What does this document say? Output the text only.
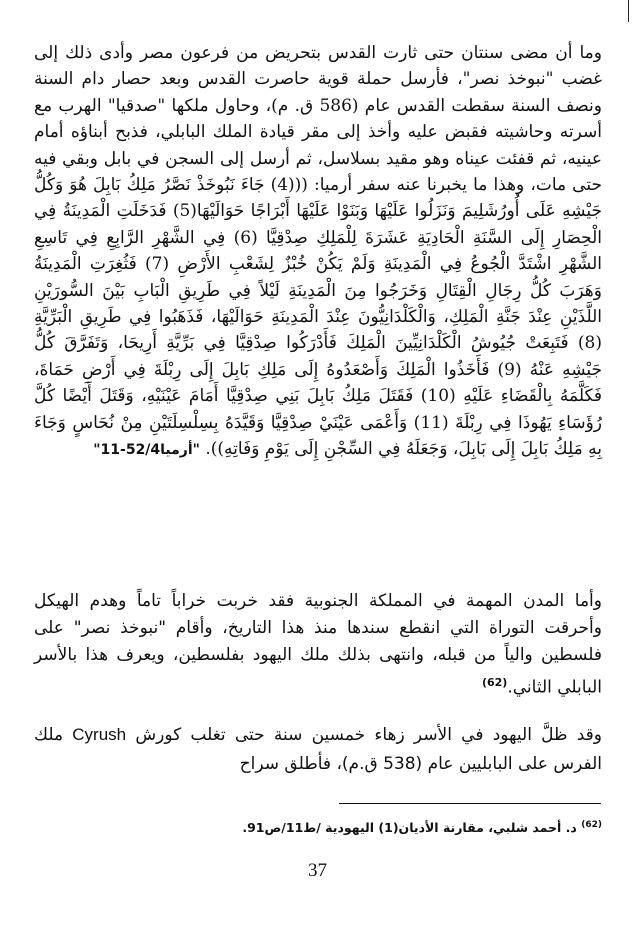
وما أن مضى سنتان حتى ثارت القدس بتحريض من فرعون مصر وأدى ذلك إلى غضب "نبوخذ نصر"، فأرسل حملة قوية حاصرت القدس وبعد حصار دام السنة ونصف السنة سقطت القدس عام (586 ق. م)، وحاول ملكها "صدقيا" الهرب مع أسرته وحاشيته فقبض عليه وأخذ إلى مقر قيادة الملك البابلي، فذبح أبناؤه أمام عينيه، ثم قفئت عيناه وهو مقيد بسلاسل، ثم أرسل إلى السجن في بابل وبقي فيه حتى مات، وهذا ما يخبرنا عنه سفر أرميا: (((4) جَاءَ نَبُوخَذْ نَصَّرُ مَلِكُ بَابِلَ هُوَ وَكُلُّ جَيْشِهِ عَلَى أُورُشَلِيمَ وَنَزَلُوا عَلَيْهَا وَبَنَوْا عَلَيْهَا أَبْرَاجًا حَوَالَيْهَا(5) فَدَخَلَتِ الْمَدِينَةُ فِي الْحِصَارِ إِلَى السَّنَةِ الْحَادِيَةِ عَشَرَةَ لِلْمَلِكِ صِدْقِيَّا (6) فِي الشَّهْرِ الرَّابِعِ فِي تَاسِعِ الشَّهْرِ اشْتَدَّ الْجُوعُ فِي الْمَدِينَةِ وَلَمْ يَكُنْ خُبْزٌ لِشَعْبِ الأَرْضِ (7) فَثُغِرَتِ الْمَدِينَةُ وَهَرَبَ كُلُّ رِجَالِ الْقِتَالِ وَخَرَجُوا مِنَ الْمَدِينَةِ لَيْلاً فِي طَرِيقِ الْبَابِ بَيْنَ السُّورَيْنِ اللَّذَيْنِ عِنْدَ جَنَّةِ الْمَلِكِ، وَالْكَلْدَانِيُّونَ عِنْدَ الْمَدِينَةِ حَوَالَيْهَا، فَذَهَبُوا فِي طَرِيقِ الْبَرِّيَّةِ (8) فَتَبِعَتْ جُيُوشُ الْكَلْدَانِيِّينَ الْمَلِكَ فَأَدْرَكُوا صِدْقِيَّا فِي بَرِّيَّةِ أَرِيحَا، وَتَفَرَّقَ كُلُّ جَيْشِهِ عَنْهُ (9) فَأَخَذُوا الْمَلِكَ وَأَصْعَدُوهُ إِلَى مَلِكِ بَابِلَ إِلَى رِبْلَةَ فِي أَرْضِ حَمَاةَ، فَكَلَّمَهُ بِالْقَضَاءِ عَلَيْهِ (10) فَقَتَلَ مَلِكُ بَابِلَ بَنِي صِدْقِيَّا أَمَامَ عَيْنَيْهِ، وَقَتَلَ أَيْضًا كُلَّ رُؤَسَاءِ يَهُوذَا فِي رِبْلَةَ (11) وَأَعْمَى عَيْنَيْ صِدْقِيَّا وَقَيَّدَهُ بِسِلْسِلَتَيْنِ مِنْ نُحَاسٍ وَجَاءَ بِهِ مَلِكُ بَابِلَ إِلَى بَابِلَ، وَجَعَلَهُ فِي السِّجْنِ إِلَى يَوْمِ وَفَاتِهِ)). "أرميا52/4-11"

وأما المدن المهمة في المملكة الجنوبية فقد خربت خراباً تاماً وهدم الهيكل وأحرقت التوراة التي انقطع سندها منذ هذا التاريخ، وأقام "نبوخذ نصر" على فلسطين والياً من قبله، وانتهى بذلك ملك اليهود بفلسطين، ويعرف هذا بالأسر البابلي الثاني.$^{(62)}$

وقد ظلَّ اليهود في الأسر زهاء خمسين سنة حتى تغلب كورش Cyrush ملك الفرس على البابليين عام (538 ق.م)، فأطلق سراح

$^{(62)}$ د. أحمد شلبي، مقارنة الأديان(1) اليهودية /ط11/ص91.

37
